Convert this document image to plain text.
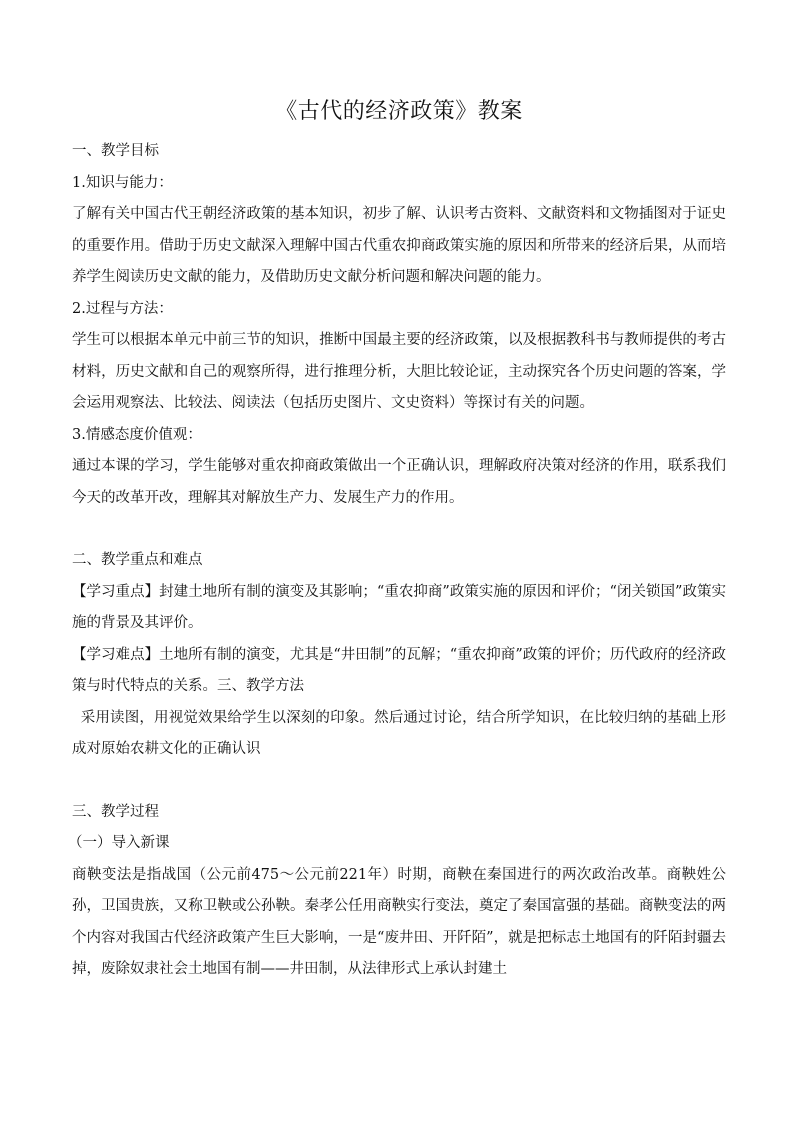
《古代的经济政策》教案

一、教学目标

1.知识与能力：

了解有关中国古代王朝经济政策的基本知识，初步了解、认识考古资料、文献资料和文物插图对于证史的重要作用。借助于历史文献深入理解中国古代重农抑商政策实施的原因和所带来的经济后果，从而培养学生阅读历史文献的能力，及借助历史文献分析问题和解决问题的能力。

2.过程与方法：

学生可以根据本单元中前三节的知识，推断中国最主要的经济政策，以及根据教科书与教师提供的考古材料，历史文献和自己的观察所得，进行推理分析，大胆比较论证，主动探究各个历史问题的答案，学会运用观察法、比较法、阅读法（包括历史图片、文史资料）等探讨有关的问题。

3.情感态度价值观：

通过本课的学习，学生能够对重农抑商政策做出一个正确认识，理解政府决策对经济的作用，联系我们今天的改革开改，理解其对解放生产力、发展生产力的作用。

二、教学重点和难点

【学习重点】封建土地所有制的演变及其影响；“重农抑商”政策实施的原因和评价；“闭关锁国”政策实施的背景及其评价。

【学习难点】土地所有制的演变，尤其是“井田制”的瓦解；“重农抑商”政策的评价；历代政府的经济政策与时代特点的关系。三、教学方法

采用读图，用视觉效果给学生以深刻的印象。然后通过讨论，结合所学知识，在比较归纳的基础上形成对原始农耕文化的正确认识

三、教学过程

（一）导入新课

商鞅变法是指战国（公元前475～公元前221年）时期，商鞅在秦国进行的两次政治改革。商鞅姓公孙，卫国贵族，又称卫鞅或公孙鞅。秦孝公任用商鞅实行变法，奠定了秦国富强的基础。商鞅变法的两个内容对我国古代经济政策产生巨大影响，一是“废井田、开阡陌”，就是把标志土地国有的阡陌封疆去掉，废除奴隶社会土地国有制——井田制，从法律形式上承认封建土
